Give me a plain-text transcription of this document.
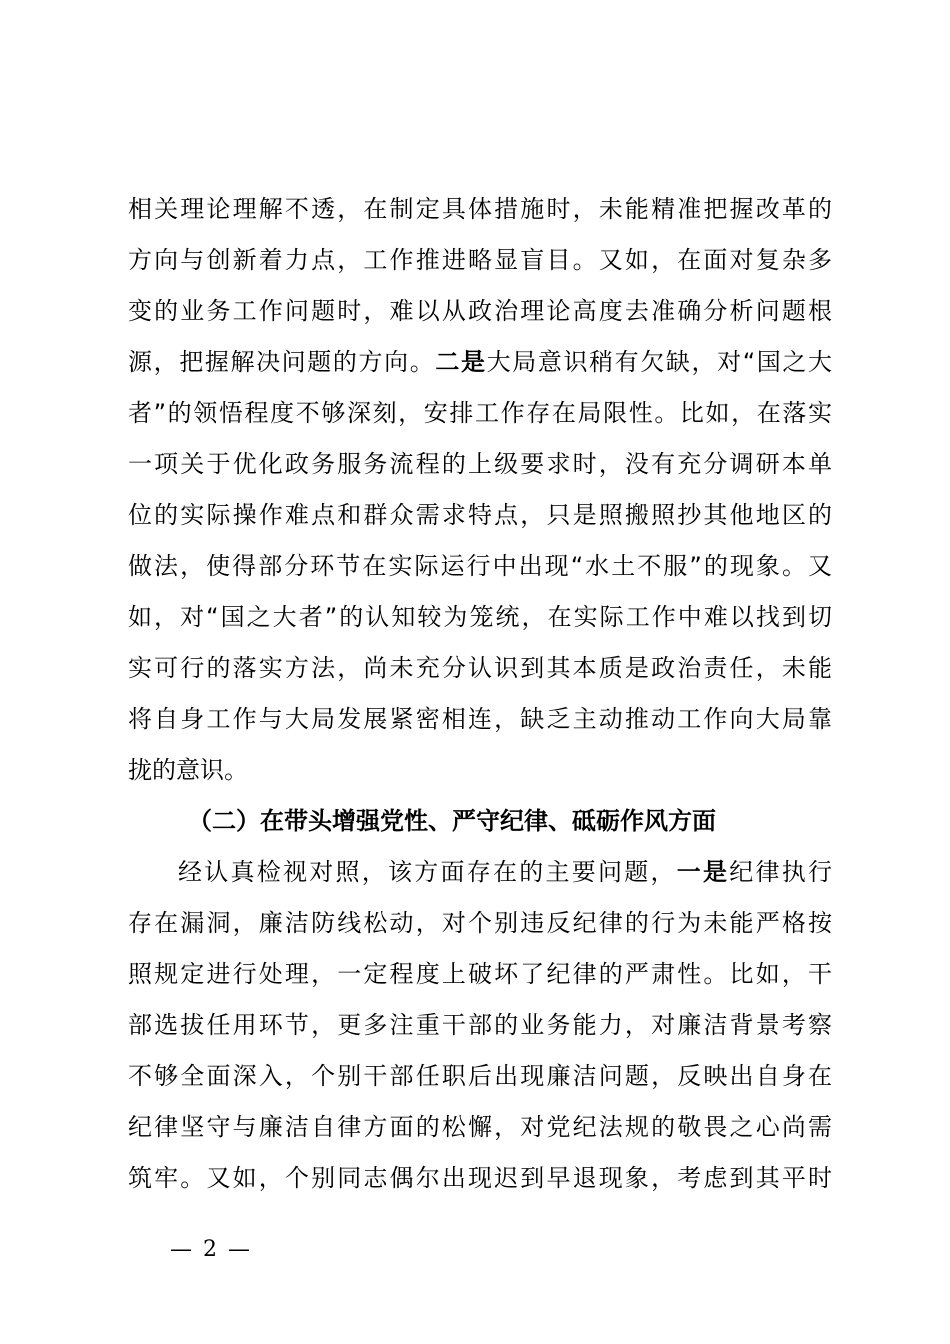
相关理论理解不透，在制定具体措施时，未能精准把握改革的
方向与创新着力点，工作推进略显盲目。又如，在面对复杂多
变的业务工作问题时，难以从政治理论高度去准确分析问题根
源，把握解决问题的方向。二是大局意识稍有欠缺，对“国之大
者”的领悟程度不够深刻，安排工作存在局限性。比如，在落实
一项关于优化政务服务流程的上级要求时，没有充分调研本单
位的实际操作难点和群众需求特点，只是照搬照抄其他地区的
做法，使得部分环节在实际运行中出现“水土不服”的现象。又
如，对“国之大者”的认知较为笼统，在实际工作中难以找到切
实可行的落实方法，尚未充分认识到其本质是政治责任，未能
将自身工作与大局发展紧密相连，缺乏主动推动工作向大局靠
拢的意识。
（二）在带头增强党性、严守纪律、砥砺作风方面
经认真检视对照，该方面存在的主要问题，一是纪律执行
存在漏洞，廉洁防线松动，对个别违反纪律的行为未能严格按
照规定进行处理，一定程度上破坏了纪律的严肃性。比如，干
部选拔任用环节，更多注重干部的业务能力，对廉洁背景考察
不够全面深入，个别干部任职后出现廉洁问题，反映出自身在
纪律坚守与廉洁自律方面的松懈，对党纪法规的敬畏之心尚需
筑牢。又如，个别同志偶尔出现迟到早退现象，考虑到其平时
— 2 —
